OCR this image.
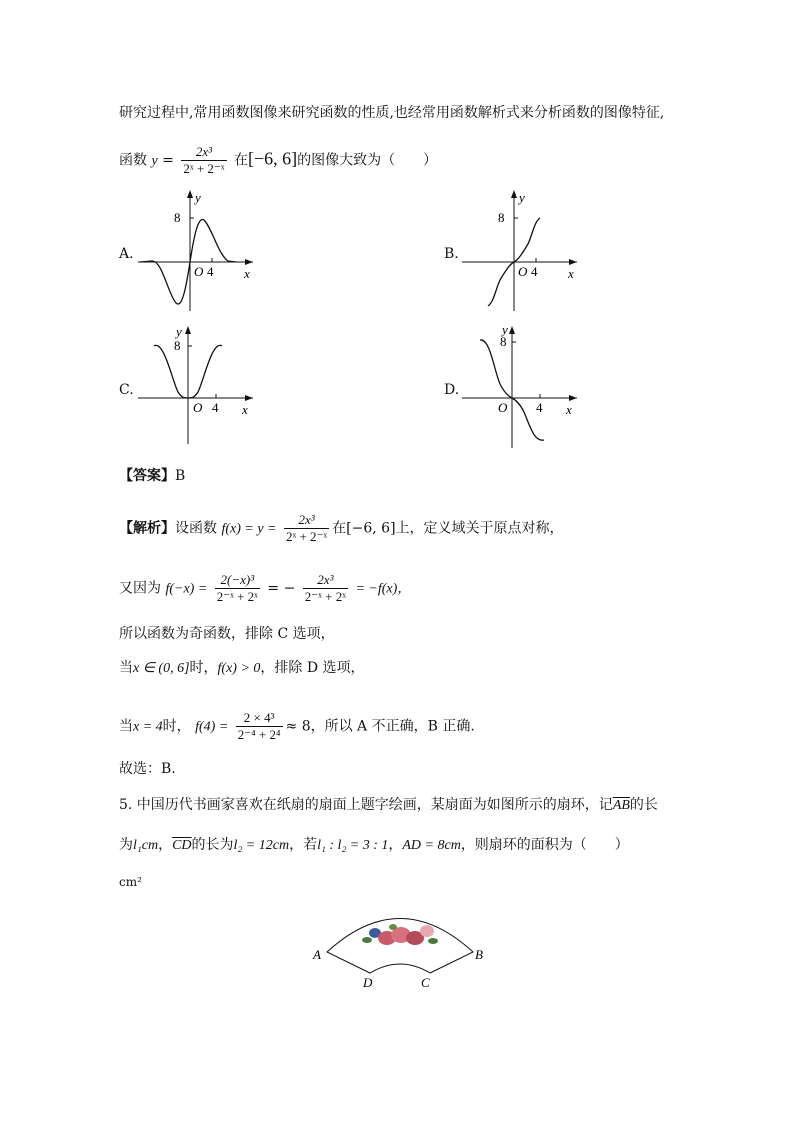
研究过程中,常用函数图像来研究函数的性质,也经常用函数解析式来分析函数的图像特征,
函数 $y = \frac{\text{2x³}}{\text{2ˣ + 2⁻ˣ}}$ 在[−6, 6]的图像大致为（　　）
A.
8
4
O	x
y
B.
8
4
O	x
y
C.
8
4
O	x
y
D.
8
4
O	x
y
【答案】B
【解析】设函数 $f(x) = y = \frac{\text{2x³}}{\text{2ˣ + 2⁻ˣ}}$ 在[−6, 6]上，定义域关于原点对称，
又因为 $f(-x) = \frac{\text{2(−x)³}}{\text{2⁻ˣ + 2ˣ}}$ = − $\frac{\text{2x³}}{\text{2⁻ˣ + 2ˣ}} = -f(x)$，
所以函数为奇函数，排除 C 选项，
当x ∈ (0, 6]时，f(x) > 0，排除 D 选项，
当x = 4时， $f(4) = \frac{\text{2 × 4³}}{\text{2⁻⁴ + 2⁴}} \approx 8$，所以 A 不正确，B 正确.
故选：B.
5. 中国历代书画家喜欢在纸扇的扇面上题字绘画，某扇面为如图所示的扇环，记$\overline{AB}$的长
为l₁cm，$\overline{CD}$的长为l₂ = 12cm，若l₁ : l₂ = 3 : 1，AD = 8cm，则扇环的面积为（　　）
cm²
A	B
C
D
